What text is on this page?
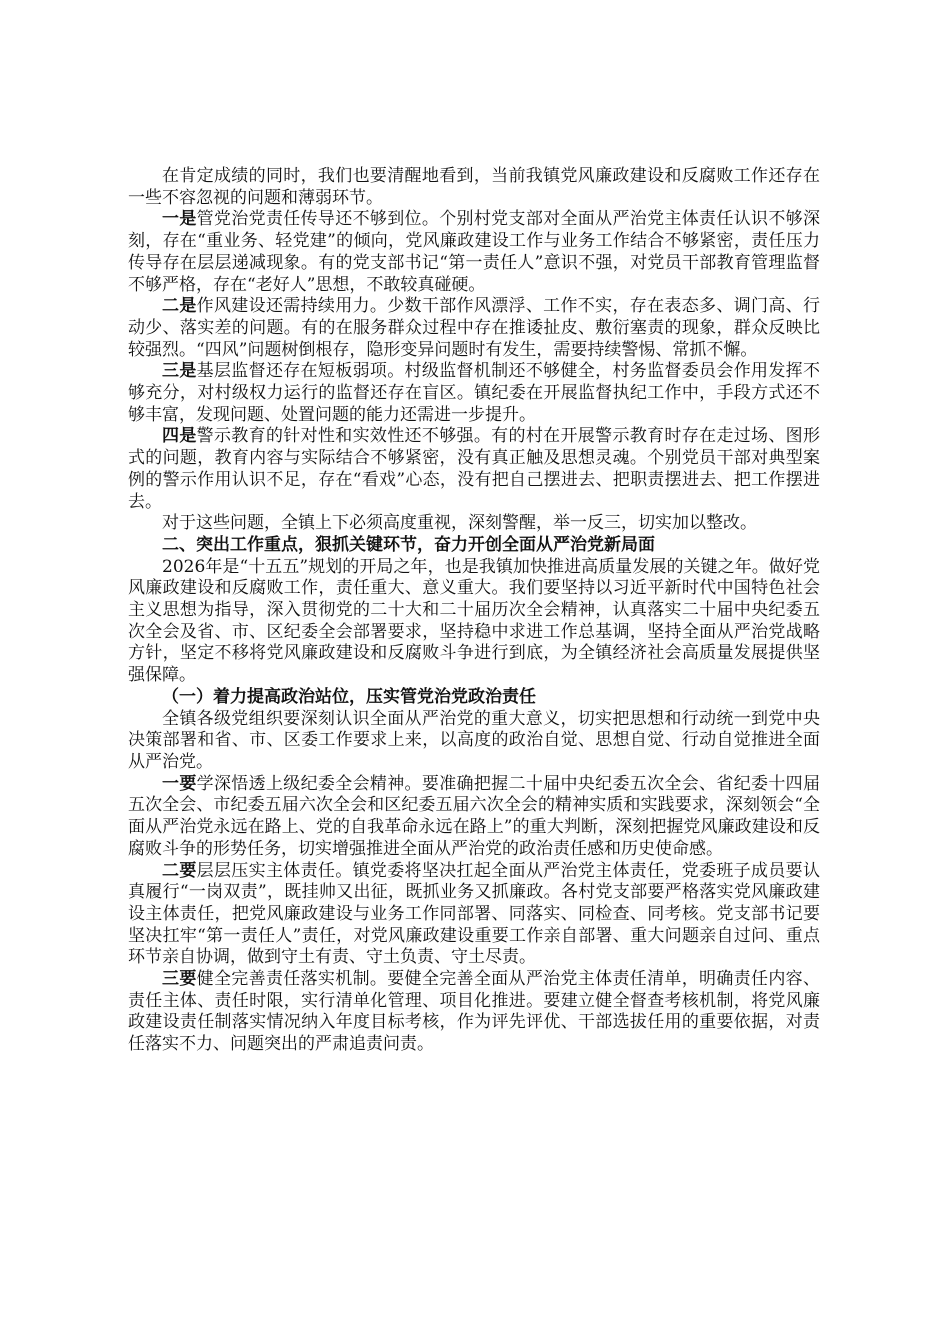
在肯定成绩的同时，我们也要清醒地看到，当前我镇党风廉政建设和反腐败工作还存在一些不容忽视的问题和薄弱环节。

一是管党治党责任传导还不够到位。个别村党支部对全面从严治党主体责任认识不够深刻，存在“重业务、轻党建”的倾向，党风廉政建设工作与业务工作结合不够紧密，责任压力传导存在层层递减现象。有的党支部书记“第一责任人”意识不强，对党员干部教育管理监督不够严格，存在“老好人”思想，不敢较真碰硬。

二是作风建设还需持续用力。少数干部作风漂浮、工作不实，存在表态多、调门高、行动少、落实差的问题。有的在服务群众过程中存在推诿扯皮、敷衍塞责的现象，群众反映比较强烈。“四风”问题树倒根存，隐形变异问题时有发生，需要持续警惕、常抓不懈。

三是基层监督还存在短板弱项。村级监督机制还不够健全，村务监督委员会作用发挥不够充分，对村级权力运行的监督还存在盲区。镇纪委在开展监督执纪工作中，手段方式还不够丰富，发现问题、处置问题的能力还需进一步提升。

四是警示教育的针对性和实效性还不够强。有的村在开展警示教育时存在走过场、图形式的问题，教育内容与实际结合不够紧密，没有真正触及思想灵魂。个别党员干部对典型案例的警示作用认识不足，存在“看戏”心态，没有把自己摆进去、把职责摆进去、把工作摆进去。

对于这些问题，全镇上下必须高度重视，深刻警醒，举一反三，切实加以整改。

二、突出工作重点，狠抓关键环节，奋力开创全面从严治党新局面

2026年是“十五五”规划的开局之年，也是我镇加快推进高质量发展的关键之年。做好党风廉政建设和反腐败工作，责任重大、意义重大。我们要坚持以习近平新时代中国特色社会主义思想为指导，深入贯彻党的二十大和二十届历次全会精神，认真落实二十届中央纪委五次全会及省、市、区纪委全会部署要求，坚持稳中求进工作总基调，坚持全面从严治党战略方针，坚定不移将党风廉政建设和反腐败斗争进行到底，为全镇经济社会高质量发展提供坚强保障。

（一）着力提高政治站位，压实管党治党政治责任

全镇各级党组织要深刻认识全面从严治党的重大意义，切实把思想和行动统一到党中央决策部署和省、市、区委工作要求上来，以高度的政治自觉、思想自觉、行动自觉推进全面从严治党。

一要学深悟透上级纪委全会精神。要准确把握二十届中央纪委五次全会、省纪委十四届五次全会、市纪委五届六次全会和区纪委五届六次全会的精神实质和实践要求，深刻领会“全面从严治党永远在路上、党的自我革命永远在路上”的重大判断，深刻把握党风廉政建设和反腐败斗争的形势任务，切实增强推进全面从严治党的政治责任感和历史使命感。

二要层层压实主体责任。镇党委将坚决扛起全面从严治党主体责任，党委班子成员要认真履行“一岗双责”，既挂帅又出征，既抓业务又抓廉政。各村党支部要严格落实党风廉政建设主体责任，把党风廉政建设与业务工作同部署、同落实、同检查、同考核。党支部书记要坚决扛牢“第一责任人”责任，对党风廉政建设重要工作亲自部署、重大问题亲自过问、重点环节亲自协调，做到守土有责、守土负责、守土尽责。

三要健全完善责任落实机制。要健全完善全面从严治党主体责任清单，明确责任内容、责任主体、责任时限，实行清单化管理、项目化推进。要建立健全督查考核机制，将党风廉政建设责任制落实情况纳入年度目标考核，作为评先评优、干部选拔任用的重要依据，对责任落实不力、问题突出的严肃追责问责。
